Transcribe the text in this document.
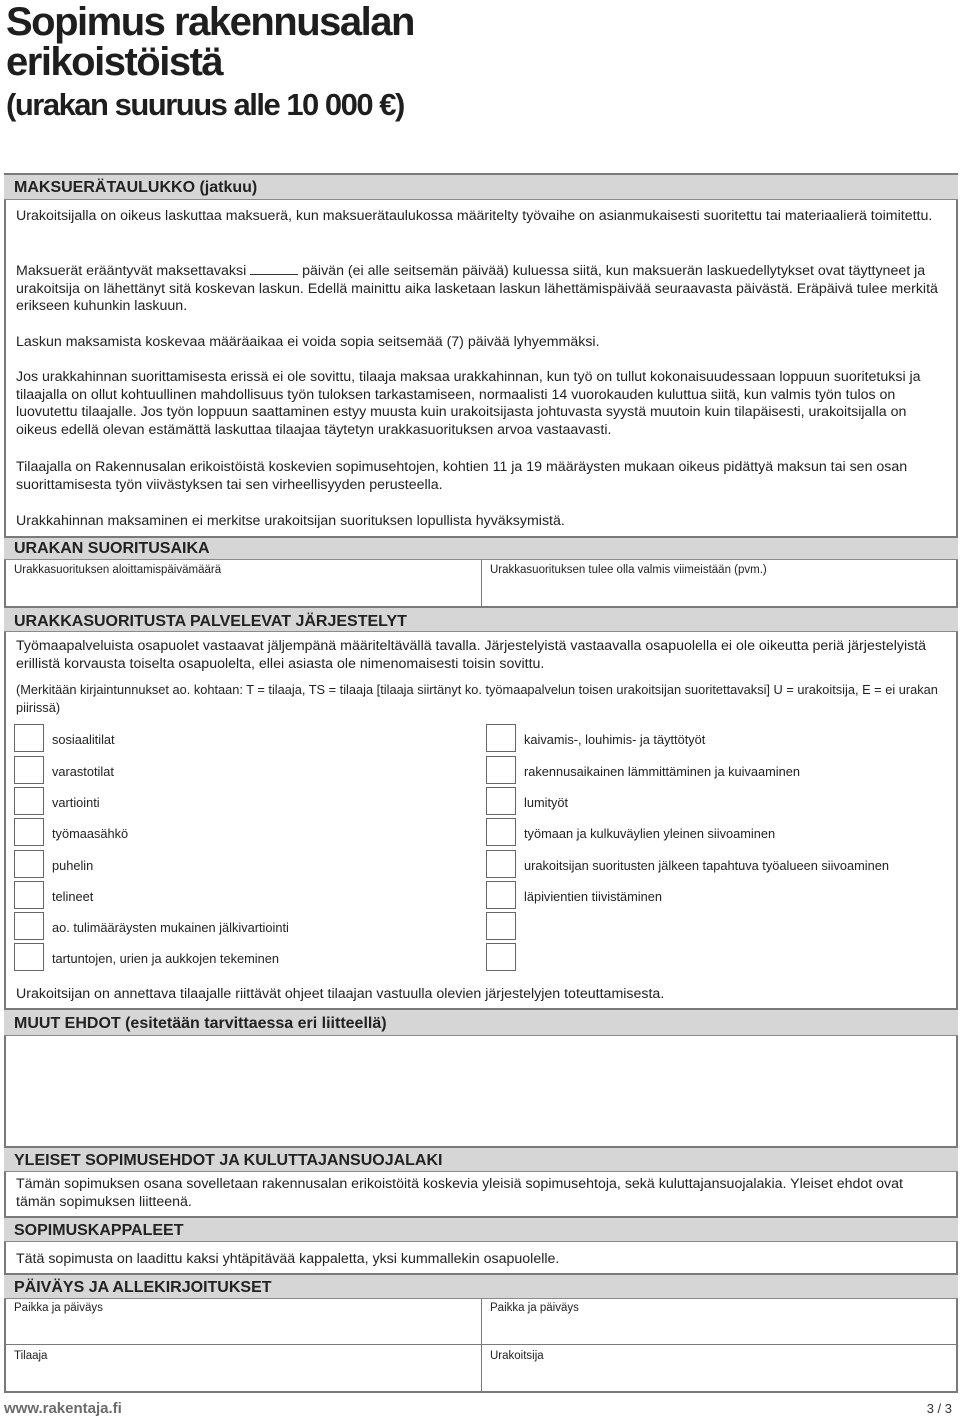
Sopimus rakennusalan
erikoistöistä
(urakan suuruus alle 10 000 €)
MAKSUERÄTAULUKKO (jatkuu)
Urakoitsijalla on oikeus laskuttaa maksuerä, kun maksuerätaulukossa määritelty työvaihe on asianmukaisesti suoritettu tai materiaalierä toimitettu.
Maksuerät erääntyvät maksettavaksi	päivän (ei alle seitsemän päivää) kuluessa siitä, kun maksuerän laskuedellytykset ovat täyttyneet ja urakoitsija on lähettänyt sitä koskevan laskun. Edellä mainittu aika lasketaan laskun lähettämispäivää seuraavasta päivästä. Eräpäivä tulee merkitä erikseen kuhunkin laskuun.
Laskun maksamista koskevaa määräaikaa ei voida sopia seitsemää (7) päivää lyhyemmäksi.
Jos urakkahinnan suorittamisesta erissä ei ole sovittu, tilaaja maksaa urakkahinnan, kun työ on tullut kokonaisuudessaan loppuun suoritetuksi ja tilaajalla on ollut kohtuullinen mahdollisuus työn tuloksen tarkastamiseen, normaalisti 14 vuorokauden kuluttua siitä, kun valmis työn tulos on luovutettu tilaajalle. Jos työn loppuun saattaminen estyy muusta kuin urakoitsijasta johtuvasta syystä muutoin kuin tilapäisesti, urakoitsijalla on oikeus edellä olevan estämättä laskuttaa tilaajaa täytetyn urakkasuorituksen arvoa vastaavasti.
Tilaajalla on Rakennusalan erikoistöistä koskevien sopimusehtojen, kohtien 11 ja 19 määräysten mukaan oikeus pidättyä maksun tai sen osan suorittamisesta työn viivästyksen tai sen virheellisyyden perusteella.
Urakkahinnan maksaminen ei merkitse urakoitsijan suorituksen lopullista hyväksymistä.
URAKAN SUORITUSAIKA
Urakkasuorituksen aloittamispäivämäärä	Urakkasuorituksen tulee olla valmis viimeistään (pvm.)
URAKKASUORITUSTA PALVELEVAT JÄRJESTELYT
Työmaapalveluista osapuolet vastaavat jäljempänä määriteltävällä tavalla. Järjestelyistä vastaavalla osapuolella ei ole oikeutta periä järjestelyistä erillistä korvausta toiselta osapuolelta, ellei asiasta ole nimenomaisesti toisin sovittu.
(Merkitään kirjaintunnukset ao. kohtaan: T = tilaaja, TS = tilaaja [tilaaja siirtänyt ko. työmaapalvelun toisen urakoitsijan suoritettavaksi] U = urakoitsija, E = ei urakan piirissä)
sosiaalitilat
varastotilat
vartiointi
työmaasähkö
puhelin
telineet
ao. tulimääräysten mukainen jälkivartiointi
tartuntojen, urien ja aukkojen tekeminen
kaivamis-, louhimis- ja täyttötyöt
rakennusaikainen lämmittäminen ja kuivaaminen
lumityöt
työmaan ja kulkuväylien yleinen siivoaminen
urakoitsijan suoritusten jälkeen tapahtuva työalueen siivoaminen
läpivientien tiivistäminen
Urakoitsijan on annettava tilaajalle riittävät ohjeet tilaajan vastuulla olevien järjestelyjen toteuttamisesta.
MUUT EHDOT (esitetään tarvittaessa eri liitteellä)
YLEISET SOPIMUSEHDOT JA KULUTTAJANSUOJALAKI
Tämän sopimuksen osana sovelletaan rakennusalan erikoistöitä koskevia yleisiä sopimusehtoja, sekä kuluttajansuojalakia. Yleiset ehdot ovat tämän sopimuksen liitteenä.
SOPIMUSKAPPALEET
Tätä sopimusta on laadittu kaksi yhtäpitävää kappaletta, yksi kummallekin osapuolelle.
PÄIVÄYS JA ALLEKIRJOITUKSET
Paikka ja päiväys	Paikka ja päiväys
Tilaaja	Urakoitsija
www.rakentaja.fi	3 / 3
